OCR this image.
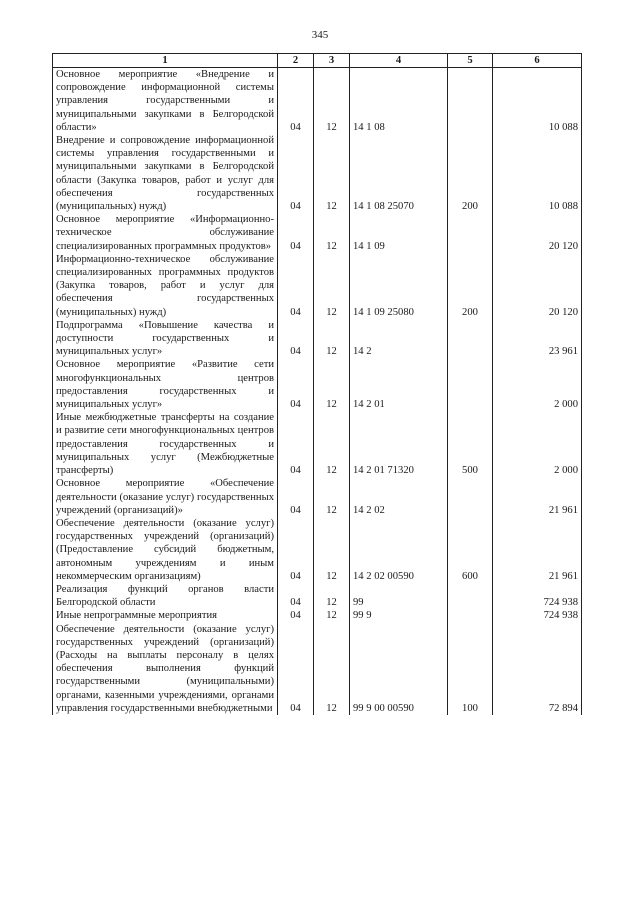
345
1	2	3	4	5	6
Основное мероприятие «Внедрение и сопровождение информационной системы управления государственными и муниципальными закупками в Белгородской области»	04	12	14 1 08		10 088
Внедрение и сопровождение информационной системы управления государственными и муниципальными закупками в Белгородской области (Закупка товаров, работ и услуг для обеспечения государственных (муниципальных) нужд)	04	12	14 1 08 25070	200	10 088
Основное мероприятие «Информационно-техническое обслуживание специализированных программных продуктов»	04	12	14 1 09		20 120
Информационно-техническое обслуживание специализированных программных продуктов (Закупка товаров, работ и услуг для обеспечения государственных (муниципальных) нужд)	04	12	14 1 09 25080	200	20 120
Подпрограмма «Повышение качества и доступности государственных и муниципальных услуг»	04	12	14 2		23 961
Основное мероприятие «Развитие сети многофункциональных центров предоставления государственных и муниципальных услуг»	04	12	14 2 01		2 000
Иные межбюджетные трансферты на создание и развитие сети многофункциональных центров предоставления государственных и муниципальных услуг (Межбюджетные трансферты)	04	12	14 2 01 71320	500	2 000
Основное мероприятие «Обеспечение деятельности (оказание услуг) государственных учреждений (организаций)»	04	12	14 2 02		21 961
Обеспечение деятельности (оказание услуг) государственных учреждений (организаций) (Предоставление субсидий бюджетным, автономным учреждениям и иным некоммерческим организациям)	04	12	14 2 02 00590	600	21 961
Реализация функций органов власти Белгородской области	04	12	99		724 938
Иные непрограммные мероприятия	04	12	99 9		724 938
Обеспечение деятельности (оказание услуг) государственных учреждений (организаций) (Расходы на выплаты персоналу в целях обеспечения выполнения функций государственными (муниципальными) органами, казенными учреждениями, органами управления государственными внебюджетными	04	12	99 9 00 00590	100	72 894
